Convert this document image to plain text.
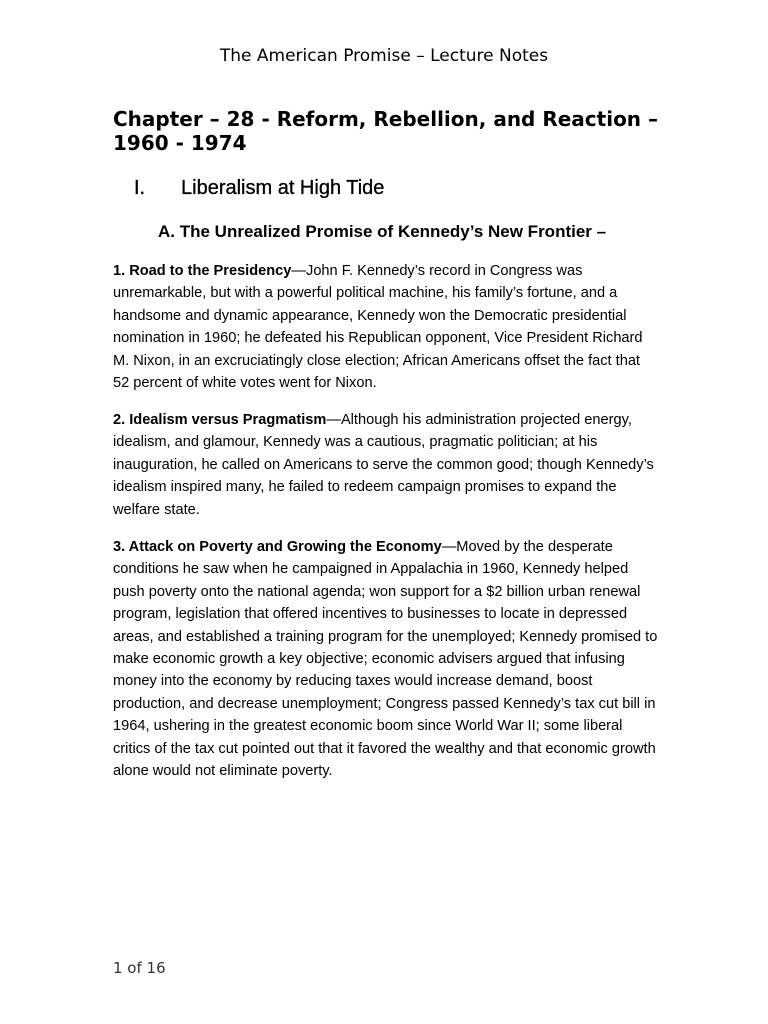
The American Promise – Lecture Notes
Chapter – 28 - Reform, Rebellion, and Reaction – 1960 - 1974
I. Liberalism at High Tide
A. The Unrealized Promise of Kennedy’s New Frontier –

1. Road to the Presidency—John F. Kennedy’s record in Congress was unremarkable, but with a powerful political machine, his family’s fortune, and a handsome and dynamic appearance, Kennedy won the Democratic presidential nomination in 1960; he defeated his Republican opponent, Vice President Richard M. Nixon, in an excruciatingly close election; African Americans offset the fact that 52 percent of white votes went for Nixon.

2. Idealism versus Pragmatism—Although his administration projected energy, idealism, and glamour, Kennedy was a cautious, pragmatic politician; at his inauguration, he called on Americans to serve the common good; though Kennedy’s idealism inspired many, he failed to redeem campaign promises to expand the welfare state.

3. Attack on Poverty and Growing the Economy—Moved by the desperate conditions he saw when he campaigned in Appalachia in 1960, Kennedy helped push poverty onto the national agenda; won support for a $2 billion urban renewal program, legislation that offered incentives to businesses to locate in depressed areas, and established a training program for the unemployed; Kennedy promised to make economic growth a key objective; economic advisers argued that infusing money into the economy by reducing taxes would increase demand, boost production, and decrease unemployment; Congress passed Kennedy’s tax cut bill in 1964, ushering in the greatest economic boom since World War II; some liberal critics of the tax cut pointed out that it favored the wealthy and that economic growth alone would not eliminate poverty.

1 of 16
